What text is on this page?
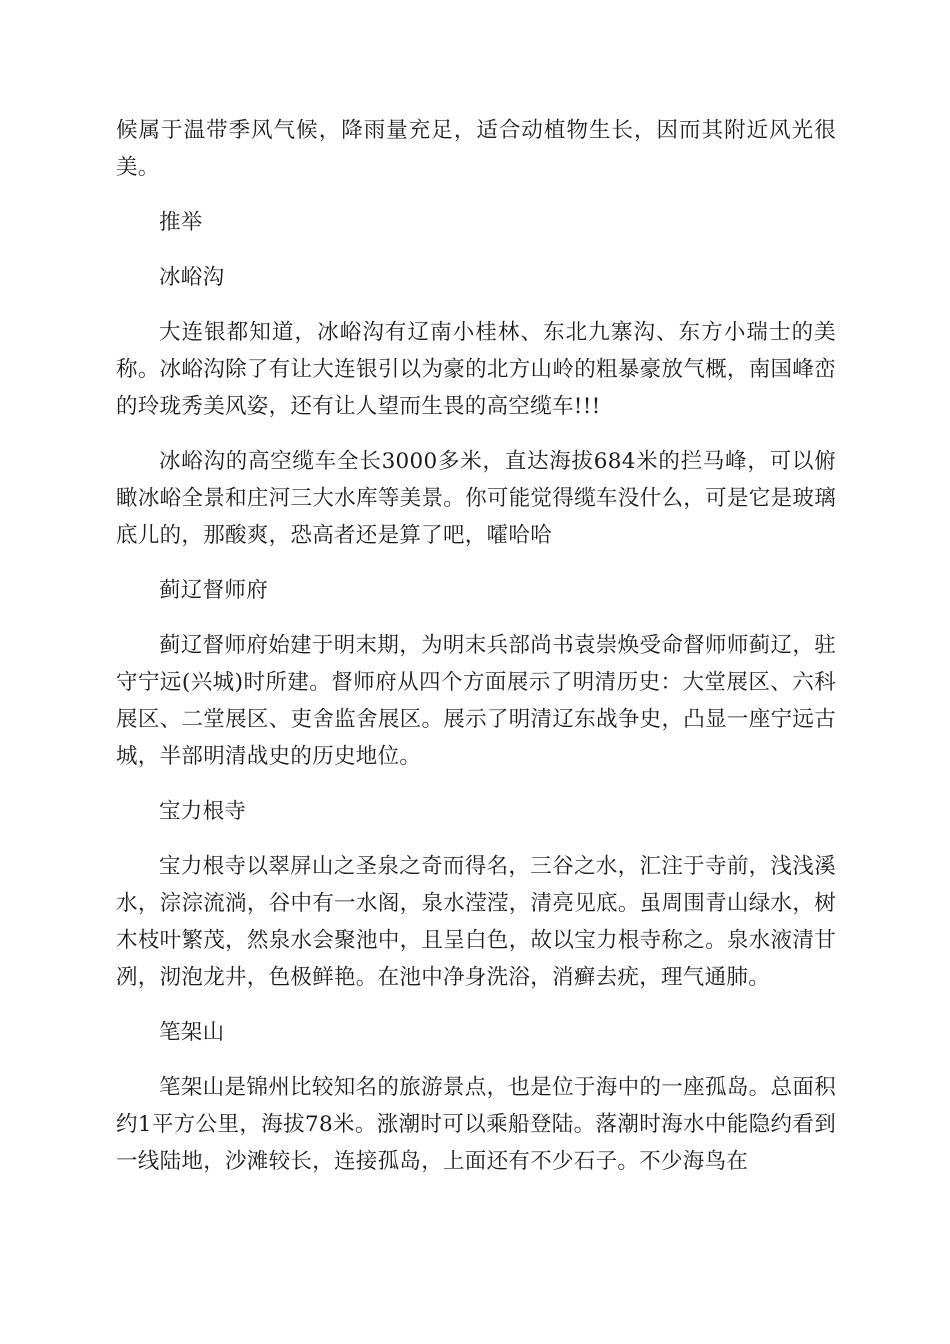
候属于温带季风气候，降雨量充足，适合动植物生长，因而其附近风光很美。

推举

冰峪沟

大连银都知道，冰峪沟有辽南小桂林、东北九寨沟、东方小瑞士的美称。冰峪沟除了有让大连银引以为豪的北方山岭的粗暴豪放气概，南国峰峦的玲珑秀美风姿，还有让人望而生畏的高空缆车!!!

冰峪沟的高空缆车全长3000多米，直达海拔684米的拦马峰，可以俯瞰冰峪全景和庄河三大水库等美景。你可能觉得缆车没什么，可是它是玻璃底儿的，那酸爽，恐高者还是算了吧，嚯哈哈

蓟辽督师府

蓟辽督师府始建于明末期，为明末兵部尚书袁崇焕受命督师师蓟辽，驻守宁远(兴城)时所建。督师府从四个方面展示了明清历史：大堂展区、六科展区、二堂展区、吏舍监舍展区。展示了明清辽东战争史，凸显一座宁远古城，半部明清战史的历史地位。

宝力根寺

宝力根寺以翠屏山之圣泉之奇而得名，三谷之水，汇注于寺前，浅浅溪水，淙淙流淌，谷中有一水阁，泉水滢滢，清亮见底。虽周围青山绿水，树木枝叶繁茂，然泉水会聚池中，且呈白色，故以宝力根寺称之。泉水液清甘冽，沏泡龙井，色极鲜艳。在池中净身洗浴，消癣去疣，理气通肺。

笔架山

笔架山是锦州比较知名的旅游景点，也是位于海中的一座孤岛。总面积约1平方公里，海拔78米。涨潮时可以乘船登陆。落潮时海水中能隐约看到一线陆地，沙滩较长，连接孤岛，上面还有不少石子。不少海鸟在
